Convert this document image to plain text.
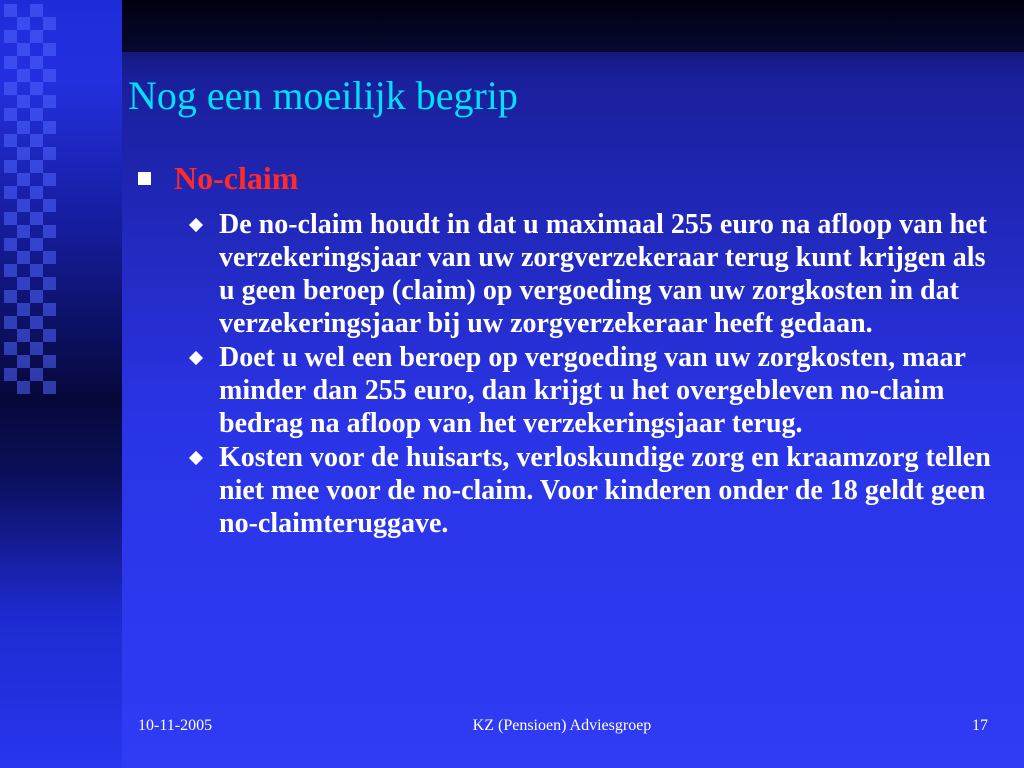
Nog een moeilijk begrip
No-claim
De no-claim houdt in dat u maximaal 255 euro na afloop van het verzekeringsjaar van uw zorgverzekeraar terug kunt krijgen als u geen beroep (claim) op vergoeding van uw zorgkosten in dat verzekeringsjaar bij uw zorgverzekeraar heeft gedaan.
Doet u wel een beroep op vergoeding van uw zorgkosten, maar minder dan 255 euro, dan krijgt u het overgebleven no-claim bedrag na afloop van het verzekeringsjaar terug.
Kosten voor de huisarts, verloskundige zorg en kraamzorg tellen niet mee voor de no-claim. Voor kinderen onder de 18 geldt geen no-claimteruggave.
10-11-2005	KZ (Pensioen) Adviesgroep	17
